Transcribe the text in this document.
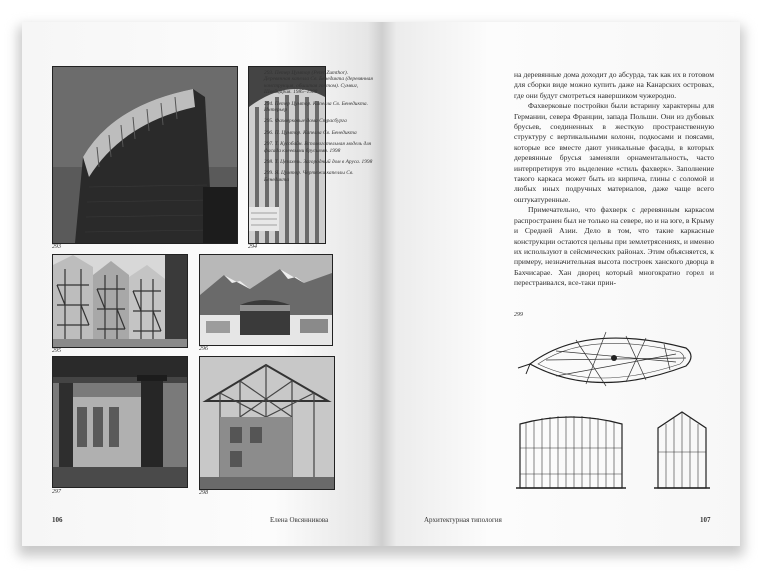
293	294
295	296
297	298

293. Петер Цумтор (Peter Zumthor). Деревянная капелла Св. Бенедикта (деревянная конструкция, обшитая гонтом). Сумвиг, Швейцария. 1985–1988

294. Петер Цумтор. Капелла Св. Бенедикта. Интерьер

295. Фахверковые дома Страсбурга

296. П. Цумтор. Капелла Св. Бенедикта

297. Т. Кусобайн. Вспомогательная модель для фасада клеевыми брусьями. 1998

298. Т. Цезахель. Загородный дом в Аруса. 1998

299. Я. Цумтор. Чертежи капеллы Св. Бенедикта

106	Елена Овсянникова

на деревянные дома доходит до абсурда, так как их в готовом для сборки виде можно купить даже на Канарских островах, где они будут смотреться навершиком чужеродно.

Фахверковые постройки были встарину характерны для Германии, севера Франции, запада Польши. Они из дубовых брусьев, соединенных в жесткую пространственную структуру с вертикальными колонн, подкосами и поясами, которые все вместе дают уникальные фасады, в которых деревянные брусья заменяли орнаментальность, часто интерпретируя это выделение «стиль фахверк». Заполнение такого каркаса может быть из кирпича, глины с соломой и любых иных подручных материалов, даже чаще всего оштукатуренные.

Примечательно, что фахверк с деревянным каркасом распространен был не только на севере, но и на юге, в Крыму и Средней Азии. Дело в том, что такие каркасные конструкции остаются цельны при землетрясениях, и именно их используют в сейсмических районах. Этим объясняется, к примеру, незначительная высота построек ханского дворца в Бахчисарае. Хан дворец который многократно горел и перестраивался, все-таки прин-

299
Архитектурная типология	107
